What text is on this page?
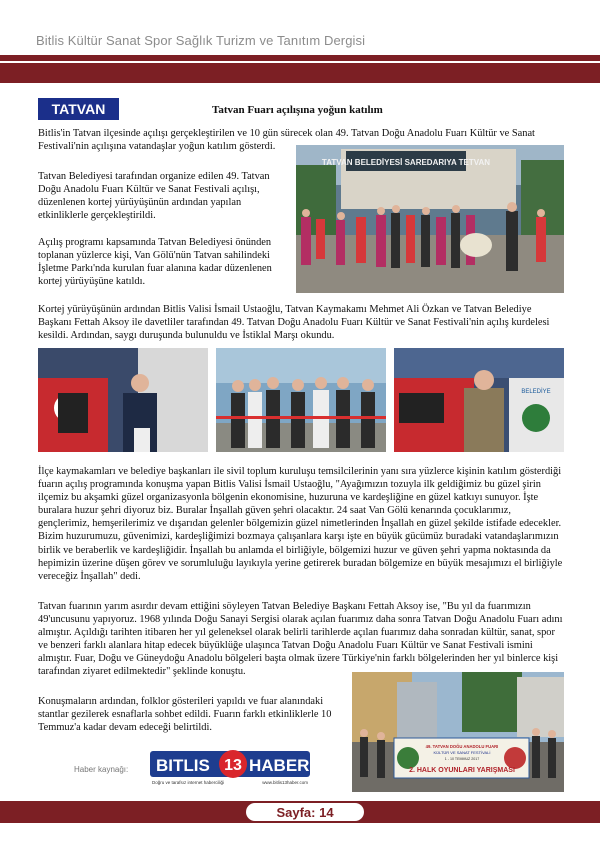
Bitlis Kültür Sanat Spor Sağlık Turizm ve Tanıtım Dergisi
TATVAN	Tatvan Fuarı açılışına yoğun katılım

Bitlis'in Tatvan ilçesinde açılışı gerçekleştirilen ve 10 gün sürecek olan 49. Tatvan Doğu Anadolu Fuarı Kültür ve Sanat Festivali'nin açılışına vatandaşlar yoğun katılım gösterdi.

Tatvan Belediyesi tarafından organize edilen 49. Tatvan Doğu Anadolu Fuarı Kültür ve Sanat Festivali açılışı, düzenlenen kortej yürüyüşünün ardından yapılan etkinliklerle gerçekleştirildi.

Açılış programı kapsamında Tatvan Belediyesi önünden toplanan yüzlerce kişi, Van Gölü'nün Tatvan sahilindeki İşletme Parkı'nda kurulan fuar alanına kadar düzenlenen kortej yürüyüşüne katıldı.

TATVAN BELEDİYESİ SAREDARIYA TETVAN

Kortej yürüyüşünün ardından Bitlis Valisi İsmail Ustaoğlu, Tatvan Kaymakamı Mehmet Ali Özkan ve Tatvan Belediye Başkanı Fettah Aksoy ile davetliler tarafından 49. Tatvan Doğu Anadolu Fuarı Kültür ve Sanat Festivali'nin açılış kurdelesi kesildi. Ardından, saygı duruşunda bulunuldu ve İstiklal Marşı okundu.

BELEDİYE

İlçe kaymakamları ve belediye başkanları ile sivil toplum kuruluşu temsilcilerinin yanı sıra yüzlerce kişinin katılım gösterdiği fuarın açılış programında konuşma yapan Bitlis Valisi İsmail Ustaoğlu, "Ayağımızın tozuyla ilk geldiğimiz bu güzel şirin ilçemiz bu akşamki güzel organizasyonla bölgenin ekonomisine, huzuruna ve kardeşliğine en güzel katkıyı sunuyor. İşte buralara huzur şehri diyoruz biz. Buralar İnşallah güven şehri olacaktır. 24 saat Van Gölü kenarında çocuklarımız, gençlerimiz, hemşerilerimiz ve dışarıdan gelenler bölgemizin güzel nimetlerinden İnşallah en güzel şekilde istifade edecekler. Bizim huzurumuzu, güvenimizi, kardeşliğimizi bozmaya çalışanlara karşı işte en büyük gücümüz buradaki vatandaşlarımızın birlik ve beraberlik ve kardeşliğidir. İnşallah bu anlamda el birliğiyle, bölgemizi huzur ve güven şehri yapma noktasında da hepimizin üzerine düşen görev ve sorumluluğu layıkıyla yerine getirerek buradan bölgemize en büyük mesajımızı el birliğiyle vereceğiz İnşallah" dedi.

Tatvan fuarının yarım asırdır devam ettiğini söyleyen Tatvan Belediye Başkanı Fettah Aksoy ise, "Bu yıl da fuarımızın 49'uncusunu yapıyoruz. 1968 yılında Doğu Sanayi Sergisi olarak açılan fuarımız daha sonra Tatvan Doğu Anadolu Fuarı adını almıştır. Açıldığı tarihten itibaren her yıl geleneksel olarak belirli tarihlerde açılan fuarımız daha sonradan kültür, sanat, spor ve benzeri farklı alanlara hitap edecek büyüklüğe ulaşınca Tatvan Doğu Anadolu Fuarı Kültür ve Sanat Festivali ismini almıştır. Fuar, Doğu ve Güneydoğu Anadolu bölgeleri başta olmak üzere Türkiye'nin farklı bölgelerinden her yıl binlerce kişi tarafından ziyaret edilmektedir" şeklinde konuştu.

Konuşmaların ardından, folklor gösterileri yapıldı ve fuar alanındaki stantlar gezilerek esnaflarla sohbet edildi. Fuarın farklı etkinliklerle 10 Temmuz'a kadar devam edeceği belirtildi.

49. TATVAN DOĞU ANADOLU FUARI
KÜLTÜR VE SANAT FESTİVALİ
1 - 10 TEMMUZ 2017
2. HALK OYUNLARI YARIŞMASI
Haber kaynağı: BITLIS 13 HABER
Doğru ve tarafsız internet haberciliği	www.bitlis13haber.com
Sayfa: 14
